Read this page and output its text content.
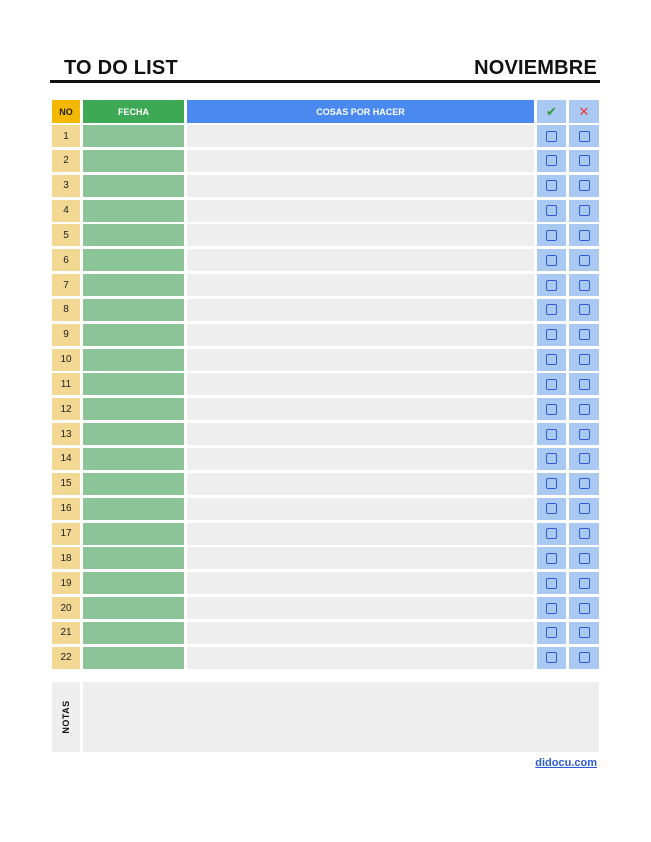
TO DO LIST	NOVIEMBRE
NO	FECHA	COSAS POR HACER	✔	✕
1
2
3
4
5
6
7
8
9
10
11
12
13
14
15
16
17
18
19
20
21
22
NOTAS
didocu.com
